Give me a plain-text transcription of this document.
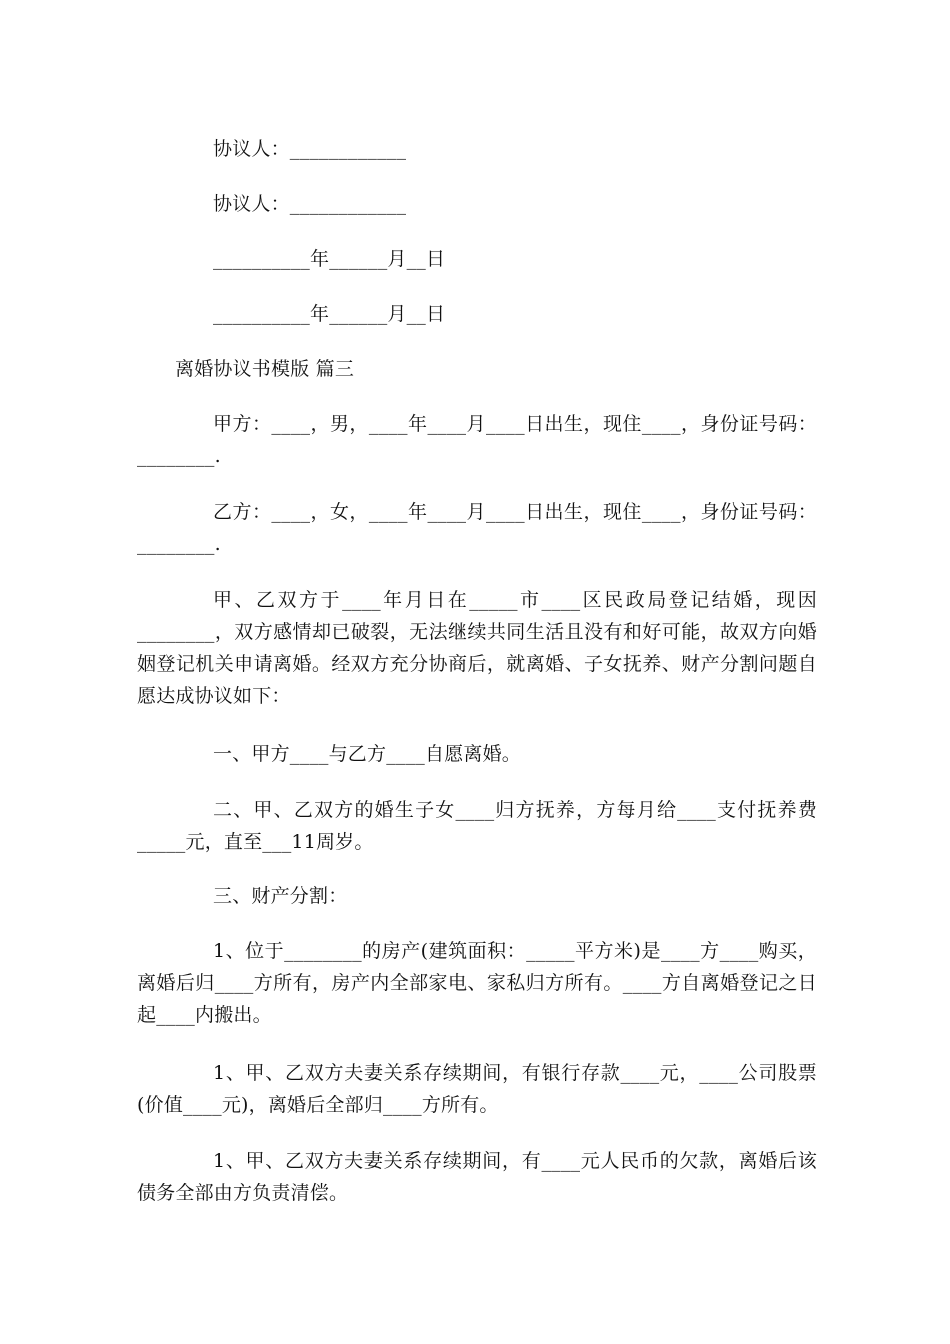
协议人：____________
协议人：____________
__________年______月__日
__________年______月__日
离婚协议书模版 篇三
甲方：____，男，____年____月____日出生，现住____，身份证号码：________.
乙方：____，女，____年____月____日出生，现住____，身份证号码：________.
甲、乙双方于____年月日在_____市____区民政局登记结婚，现因________，双方感情却已破裂，无法继续共同生活且没有和好可能，故双方向婚姻登记机关申请离婚。经双方充分协商后，就离婚、子女抚养、财产分割问题自愿达成协议如下：
一、甲方____与乙方____自愿离婚。
二、甲、乙双方的婚生子女____归方抚养，方每月给____支付抚养费_____元，直至___11周岁。
三、财产分割：
1、位于________的房产(建筑面积：_____平方米)是____方____购买，离婚后归____方所有，房产内全部家电、家私归方所有。____方自离婚登记之日起____内搬出。
1、甲、乙双方夫妻关系存续期间，有银行存款____元，____公司股票(价值____元)，离婚后全部归____方所有。
1、甲、乙双方夫妻关系存续期间，有____元人民币的欠款，离婚后该债务全部由方负责清偿。
